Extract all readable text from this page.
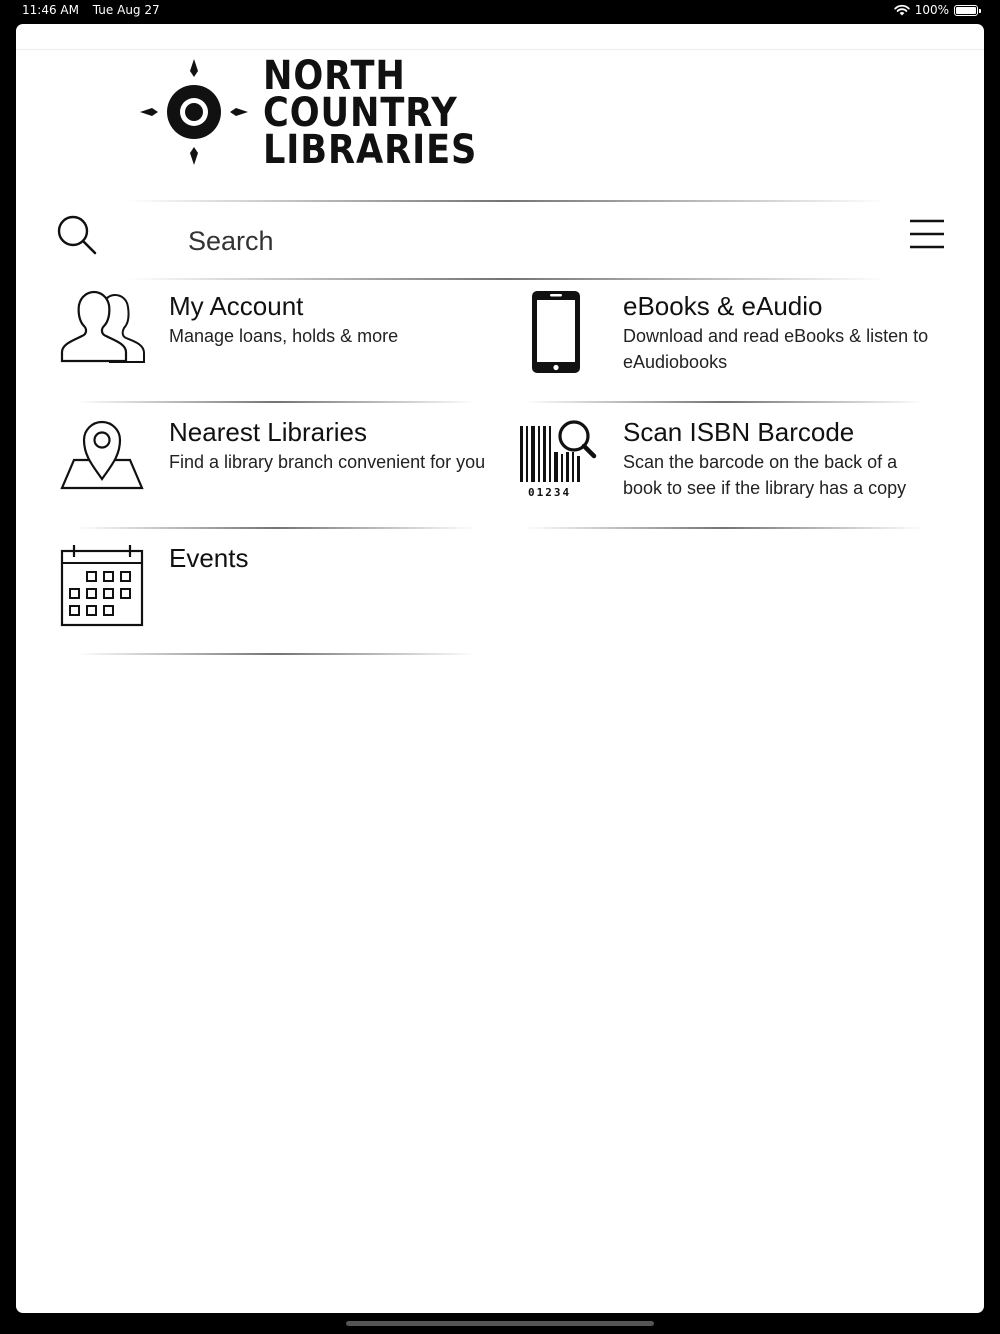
11:46 AM Tue Aug 27	100%
NORTH
COUNTRY
LIBRARIES
Search
My Account
Manage loans, holds & more
eBooks & eAudio
Download and read eBooks & listen to eAudiobooks
Nearest Libraries
Find a library branch convenient for you
01234
Scan ISBN Barcode
Scan the barcode on the back of a book to see if the library has a copy
Events
